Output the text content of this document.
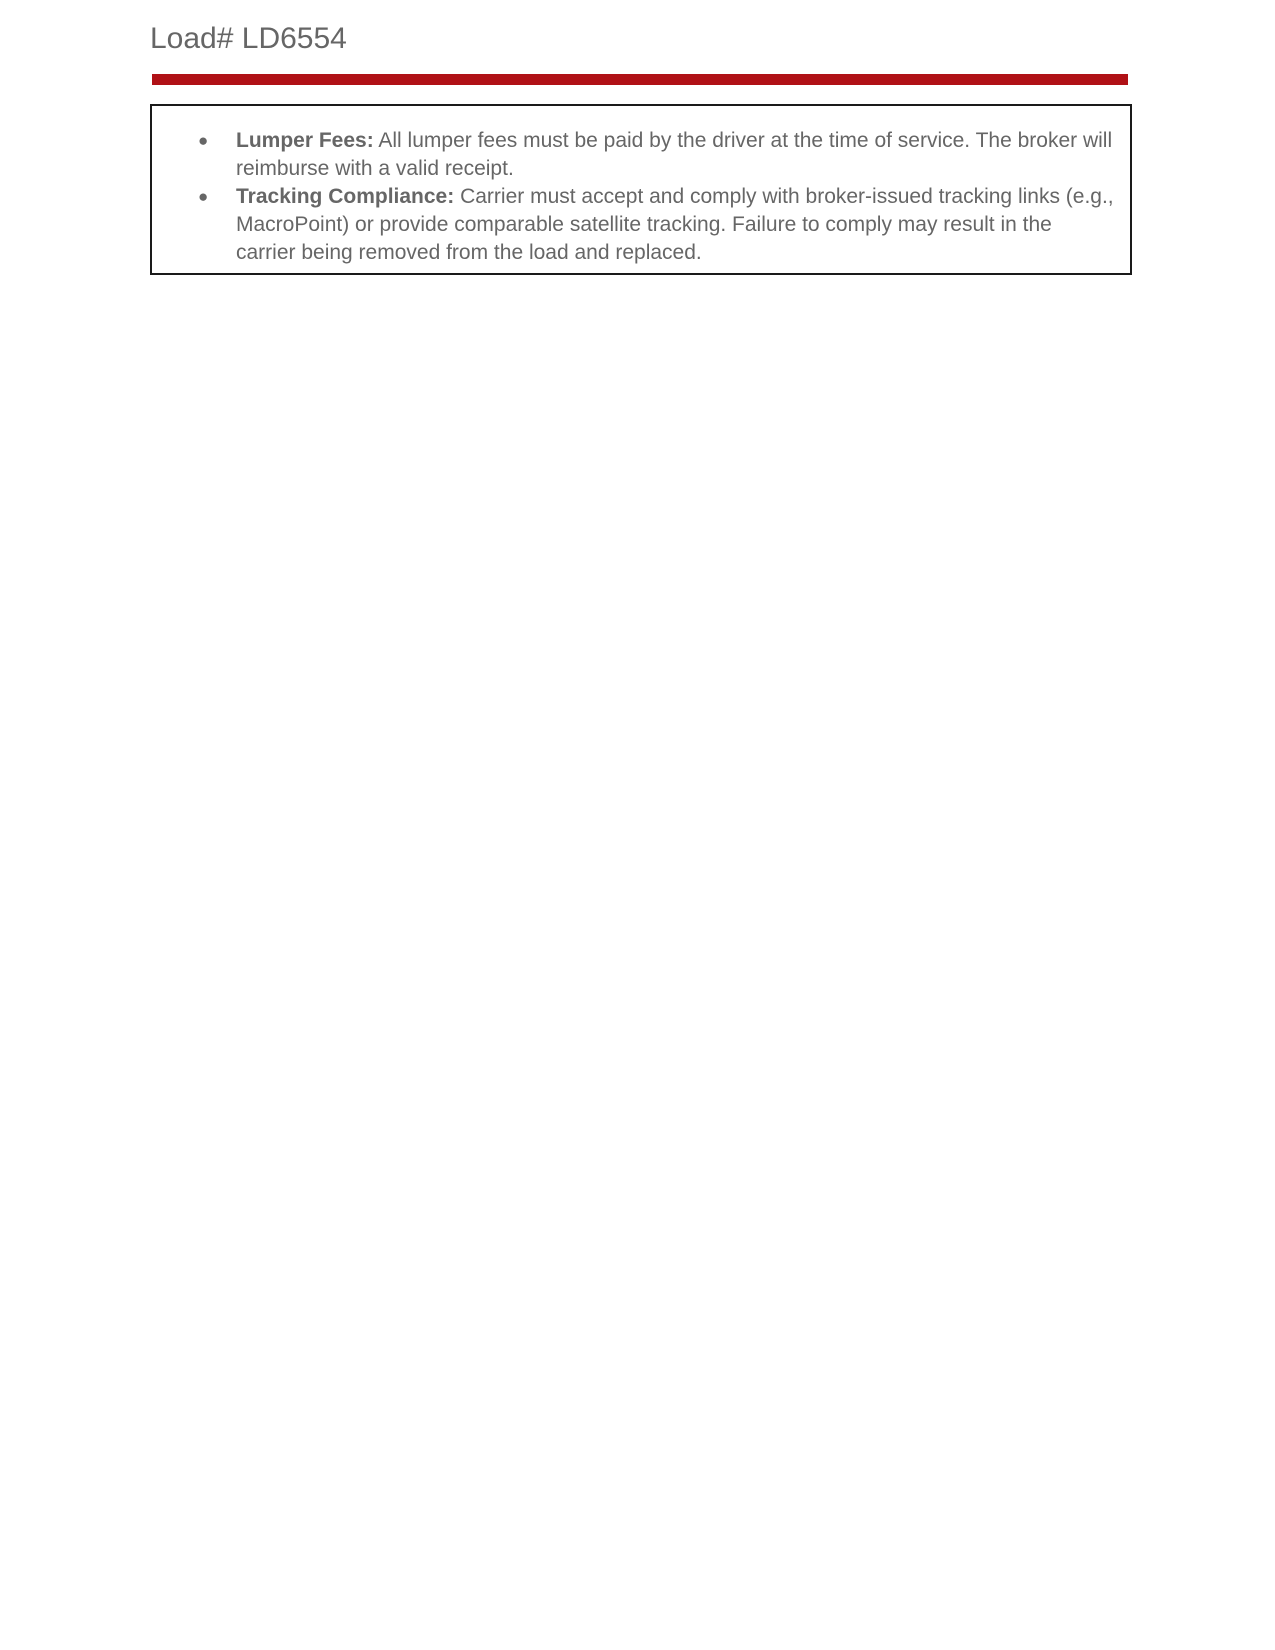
Load# LD6554
● Lumper Fees: All lumper fees must be paid by the driver at the time of service. The broker will reimburse with a valid receipt.
● Tracking Compliance: Carrier must accept and comply with broker-issued tracking links (e.g., MacroPoint) or provide comparable satellite tracking. Failure to comply may result in the carrier being removed from the load and replaced.
